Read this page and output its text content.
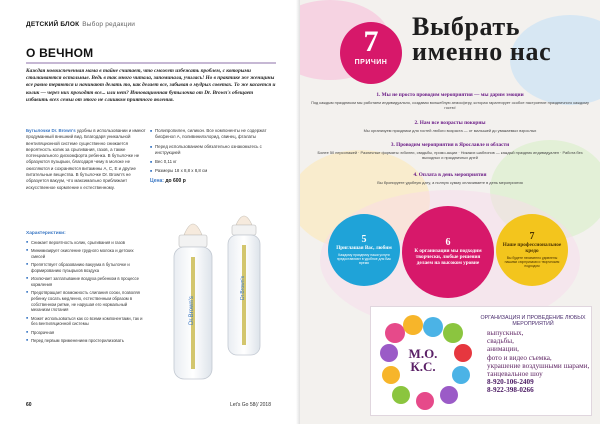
ДЕТСКИЙ БЛОК Выбор редакции
О ВЕЧНОМ
Каждая новоиспеченная мама в тайне считает, что сможет избежать проблем, с которыми сталкиваются остальные. Ведь в так много читала, запоминала, училась! Но в практике же женщины все равно теряются и начинают делать то, как делает все, забывая о мудрых советах. То же касается и колик — через них проходят все... или нет? Инновационная бутылочка от Dr. Brown's обещает избавить всех семьи от этого не слишком приятного явления.
Бутылочки Dr. Brown's удобны в использовании и имеют продуманный внешний вид. Благодаря уникальной вентиляционной системе существенно снижается вероятность колик за срыгивания, газов, а также потенциального дискомфорта ребенка. В бутылочке не образуются пузырьки, благодаря чему в молоке не окисляются и сохраняются витамины A, C, E и другие питательные вещества. В бутылочке Dr. Brown's не образуется вакуум, что максимально приближает искусственное кормление к естественному.
■ Полипропилен, силикон. Все компоненты не содержат бисфенол А, поливинилхлорид, свинец, фталаты
■ Перед использованием обязательно ознакомьтесь с инструкцией
■ Вес 0,11 кг
■ Размеры 18 х 8,8 х 8,8 см
Цена: до 600 р
Характеристики:
■ Снижает вероятность колик, срыгивания и газов
■ Минимизирует окисление грудного молока и детских смесей
■ Препятствует образованию вакуума в бутылочке и формированию пузырьков воздуха
■ Исключает заглатывание воздуха ребенком в процессе кормления
■ Предотвращает возможность слипания соски, позволяя ребенку сосать медленно, естественным образом в собственном ритме, не нарушая его нормальный механизм глотания
■ Может использоваться как со всеми компонентами, так и без вентиляционной системы
■ Прозрачная
■ Перед первым применением простерилизовать
Dr.Brown's
Dr.Brown's
60	Let's Go 58(/ 2018
7
ПРИЧИН
Выбрать именно нас
1. Мы не просто проводим мероприятия — мы дарим эмоции
Под каждым праздником мы работаем индивидуально, создавая волшебную атмосферу, которая гарантирует особое настроение праздничного каждому гостю!
2. Нам все возрасты покорны
Мы организуем праздники для гостей любого возраста — от малышей до уважаемых взрослых
3. Проводим мероприятия в Ярославле и области
Более 50 персонажей · Различные форматы: юбилеи, свадьбы, промо-акции · Никаких шаблонов — каждый праздник индивидуален · Работа без выходных и праздничных дней
4. Оплата в день мероприятия
Вы бронируете удобную дату, а полную сумму оплачиваете в день мероприятия
5
Приглашая Вас, любим
Каждому празднику наши услуги предоставляют в удобное для Вас время
6
К организации мы подходим творчески, любые решения делаем на высоком уровне
7
Наше профессиональное кредо
Вы будете неизменно удивлены нашими сюрпризами и творческим подходом
М.О. К.С.
ОРГАНИЗАЦИЯ И ПРОВЕДЕНИЕ ЛЮБЫХ МЕРОПРИЯТИЙ
выпускных,
свадьбы,
анимации,
фото и видео съемка,
украшение воздушными шарами,
танцевальное шоу
8-920-106-2409
8-922-398-0266
